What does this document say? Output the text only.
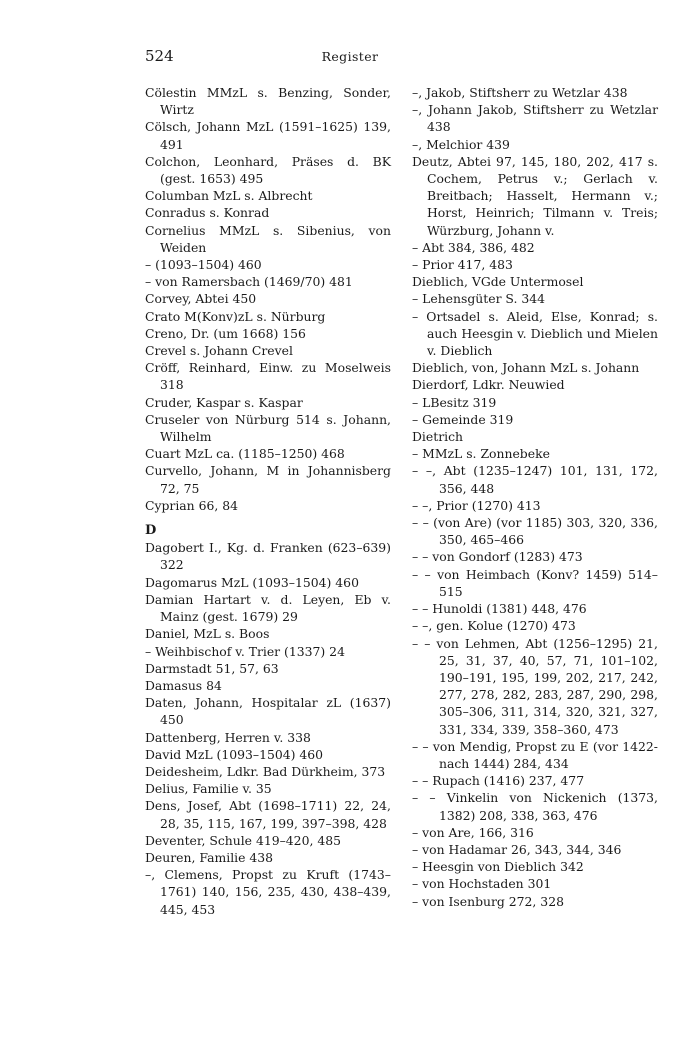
524	Register
Cölestin MMzL s. Benzing, Sonder, Wirtz
Cölsch, Johann MzL (1591–1625) 139, 491
Colchon, Leonhard, Präses d. BK (gest. 1653) 495
Columban MzL s. Albrecht
Conradus s. Konrad
Cornelius MMzL s. Sibenius, von Weiden
– (1093–1504) 460
– von Ramersbach (1469/70) 481
Corvey, Abtei 450
Crato M(Konv)zL s. Nürburg
Creno, Dr. (um 1668) 156
Crevel s. Johann Crevel
Cröff, Reinhard, Einw. zu Moselweis 318
Cruder, Kaspar s. Kaspar
Cruseler von Nürburg 514 s. Johann, Wilhelm
Cuart MzL ca. (1185–1250) 468
Curvello, Johann, M in Johannisberg 72, 75
Cyprian 66, 84
D
Dagobert I., Kg. d. Franken (623–639) 322
Dagomarus MzL (1093–1504) 460
Damian Hartart v. d. Leyen, Eb v. Mainz (gest. 1679) 29
Daniel, MzL s. Boos
– Weihbischof v. Trier (1337) 24
Darmstadt 51, 57, 63
Damasus 84
Daten, Johann, Hospitalar zL (1637) 450
Dattenberg, Herren v. 338
David MzL (1093–1504) 460
Deidesheim, Ldkr. Bad Dürkheim, 373
Delius, Familie v. 35
Dens, Josef, Abt (1698–1711) 22, 24, 28, 35, 115, 167, 199, 397–398, 428
Deventer, Schule 419–420, 485
Deuren, Familie 438
–, Clemens, Propst zu Kruft (1743–1761) 140, 156, 235, 430, 438–439, 445, 453
–, Jakob, Stiftsherr zu Wetzlar 438
–, Johann Jakob, Stiftsherr zu Wetzlar 438
–, Melchior 439
Deutz, Abtei 97, 145, 180, 202, 417 s. Cochem, Petrus v.; Gerlach v. Breitbach; Hasselt, Hermann v.; Horst, Heinrich; Tilmann v. Treis; Würzburg, Johann v.
– Abt 384, 386, 482
– Prior 417, 483
Dieblich, VGde Untermosel
– Lehensgüter S. 344
– Ortsadel s. Aleid, Else, Konrad; s. auch Heesgin v. Dieblich und Mielen v. Dieblich
Dieblich, von, Johann MzL s. Johann
Dierdorf, Ldkr. Neuwied
– LBesitz 319
– Gemeinde 319
Dietrich
– MMzL s. Zonnebeke
– –, Abt (1235–1247) 101, 131, 172, 356, 448
– –, Prior (1270) 413
– – (von Are) (vor 1185) 303, 320, 336, 350, 465–466
– – von Gondorf (1283) 473
– – von Heimbach (Konv? 1459) 514–515
– – Hunoldi (1381) 448, 476
– –, gen. Kolue (1270) 473
– – von Lehmen, Abt (1256–1295) 21, 25, 31, 37, 40, 57, 71, 101–102, 190–191, 195, 199, 202, 217, 242, 277, 278, 282, 283, 287, 290, 298, 305–306, 311, 314, 320, 321, 327, 331, 334, 339, 358–360, 473
– – von Mendig, Propst zu E (vor 1422- nach 1444) 284, 434
– – Rupach (1416) 237, 477
– – Vinkelin von Nickenich (1373, 1382) 208, 338, 363, 476
– von Are, 166, 316
– von Hadamar 26, 343, 344, 346
– Heesgin von Dieblich 342
– von Hochstaden 301
– von Isenburg 272, 328
